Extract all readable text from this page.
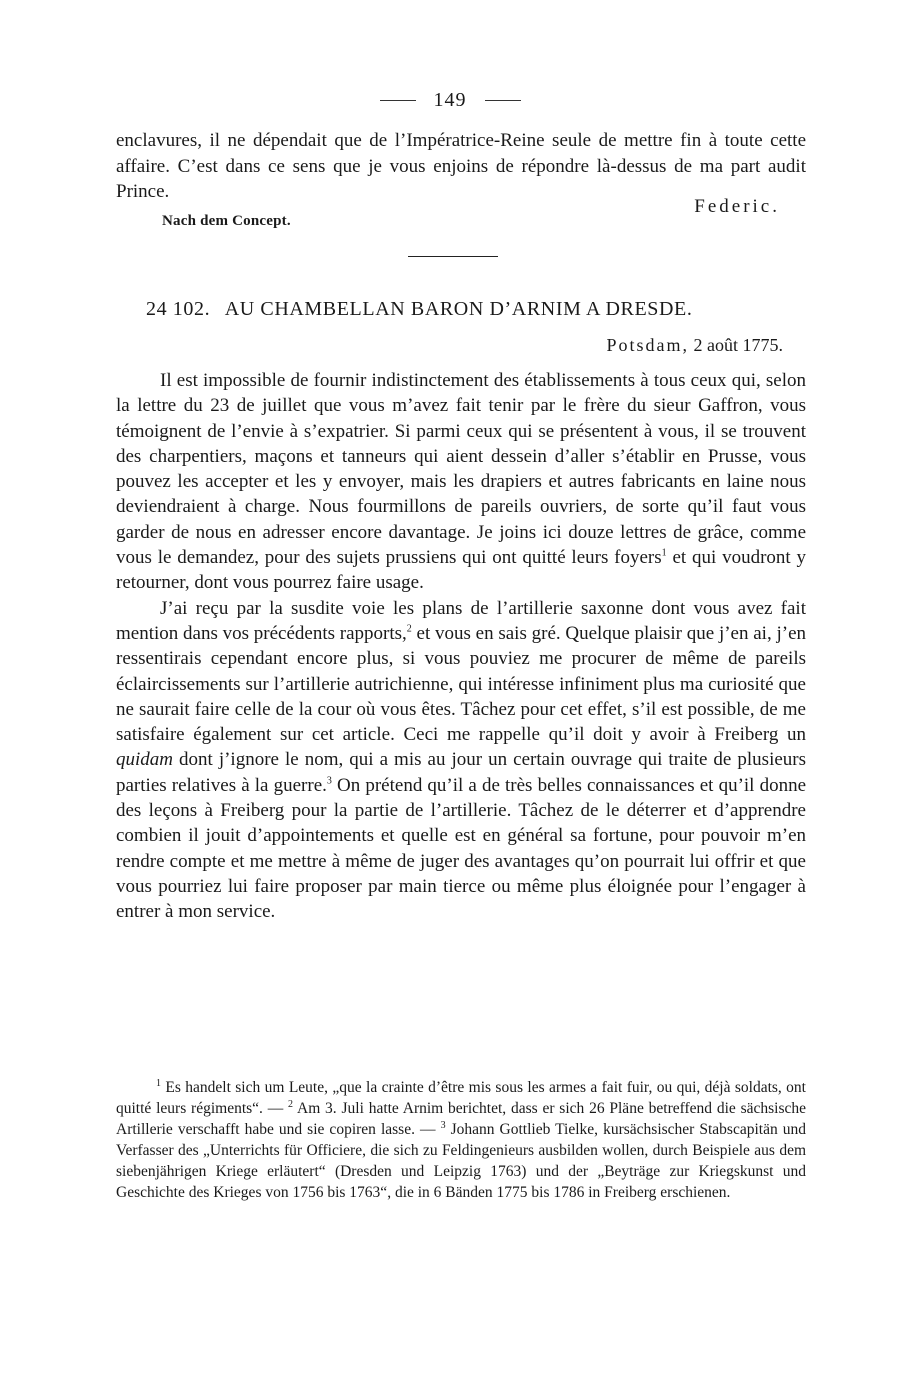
149

enclavures, il ne dépendait que de l’Impératrice-Reine seule de mettre fin à toute cette affaire. C’est dans ce sens que je vous enjoins de répondre là-dessus de ma part audit Prince.

Federic.
Nach dem Concept.
24 102. AU CHAMBELLAN BARON D’ARNIM A DRESDE.
Potsdam, 2 août 1775.

Il est impossible de fournir indistinctement des établissements à tous ceux qui, selon la lettre du 23 de juillet que vous m’avez fait tenir par le frère du sieur Gaffron, vous témoignent de l’envie à s’expatrier. Si parmi ceux qui se présentent à vous, il se trouvent des charpentiers, maçons et tanneurs qui aient dessein d’aller s’établir en Prusse, vous pouvez les accepter et les y envoyer, mais les drapiers et autres fabricants en laine nous deviendraient à charge. Nous fourmillons de pareils ouvriers, de sorte qu’il faut vous garder de nous en adresser encore davantage. Je joins ici douze lettres de grâce, comme vous le demandez, pour des sujets prussiens qui ont quitté leurs foyers$^1$ et qui voudront y retourner, dont vous pourrez faire usage.

J’ai reçu par la susdite voie les plans de l’artillerie saxonne dont vous avez fait mention dans vos précédents rapports,$^2$ et vous en sais gré. Quelque plaisir que j’en ai, j’en ressentirais cependant encore plus, si vous pouviez me procurer de même de pareils éclaircissements sur l’artillerie autrichienne, qui intéresse infiniment plus ma curiosité que ne saurait faire celle de la cour où vous êtes. Tâchez pour cet effet, s’il est possible, de me satisfaire également sur cet article. Ceci me rappelle qu’il doit y avoir à Freiberg un quidam dont j’ignore le nom, qui a mis au jour un certain ouvrage qui traite de plusieurs parties relatives à la guerre.$^3$ On prétend qu’il a de très belles connaissances et qu’il donne des leçons à Freiberg pour la partie de l’artillerie. Tâchez de le déterrer et d’apprendre combien il jouit d’appointements et quelle est en général sa fortune, pour pouvoir m’en rendre compte et me mettre à même de juger des avantages qu’on pourrait lui offrir et que vous pourriez lui faire proposer par main tierce ou même plus éloignée pour l’engager à entrer à mon service.

$^1$ Es handelt sich um Leute, „que la crainte d’être mis sous les armes a fait fuir, ou qui, déjà soldats, ont quitté leurs régiments“. — $^2$ Am 3. Juli hatte Arnim berichtet, dass er sich 26 Pläne betreffend die sächsische Artillerie verschafft habe und sie copiren lasse. — $^3$ Johann Gottlieb Tielke, kursächsischer Stabscapitän und Verfasser des „Unterrichts für Officiere, die sich zu Feldingenieurs ausbilden wollen, durch Beispiele aus dem siebenjährigen Kriege erläutert“ (Dresden und Leipzig 1763) und der „Beyträge zur Kriegskunst und Geschichte des Krieges von 1756 bis 1763“, die in 6 Bänden 1775 bis 1786 in Freiberg erschienen.
